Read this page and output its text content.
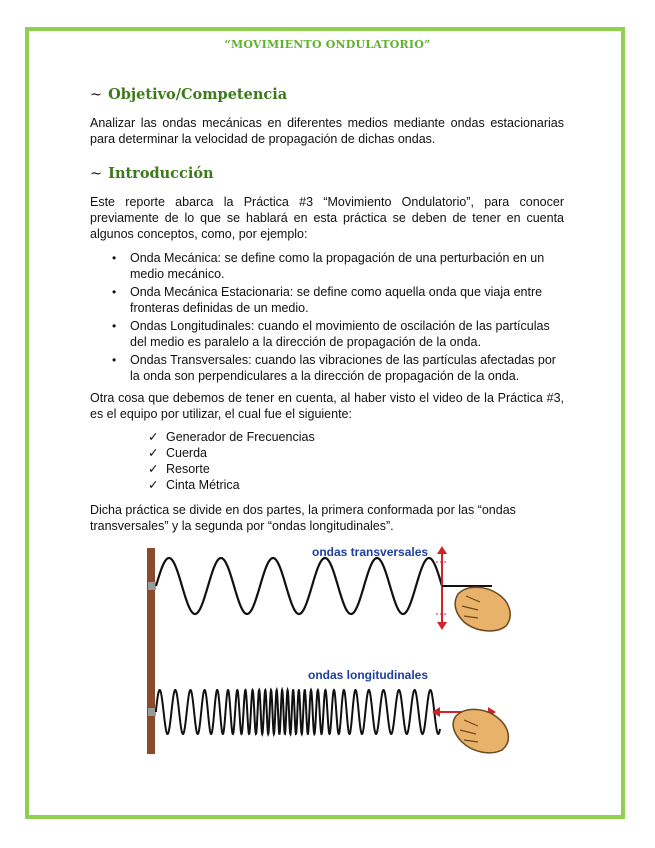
“MOVIMIENTO ONDULATORIO”
~ Objetivo/Competencia

Analizar las ondas mecánicas en diferentes medios mediante ondas estacionarias para determinar la velocidad de propagación de dichas ondas.

~ Introducción

Este reporte abarca la Práctica #3 “Movimiento Ondulatorio”, para conocer previamente de lo que se hablará en esta práctica se deben de tener en cuenta algunos conceptos, como, por ejemplo:

• Onda Mecánica: se define como la propagación de una perturbación en un medio mecánico.
• Onda Mecánica Estacionaria: se define como aquella onda que viaja entre fronteras definidas de un medio.
• Ondas Longitudinales: cuando el movimiento de oscilación de las partículas del medio es paralelo a la dirección de propagación de la onda.
• Ondas Transversales: cuando las vibraciones de las partículas afectadas por la onda son perpendiculares a la dirección de propagación de la onda.

Otra cosa que debemos de tener en cuenta, al haber visto el video de la Práctica #3, es el equipo por utilizar, el cual fue el siguiente:

✓ Generador de Frecuencias
✓ Cuerda
✓ Resorte
✓ Cinta Métrica

Dicha práctica se divide en dos partes, la primera conformada por las “ondas transversales” y la segunda por “ondas longitudinales”.

ondas transversales
ondas longitudinales
